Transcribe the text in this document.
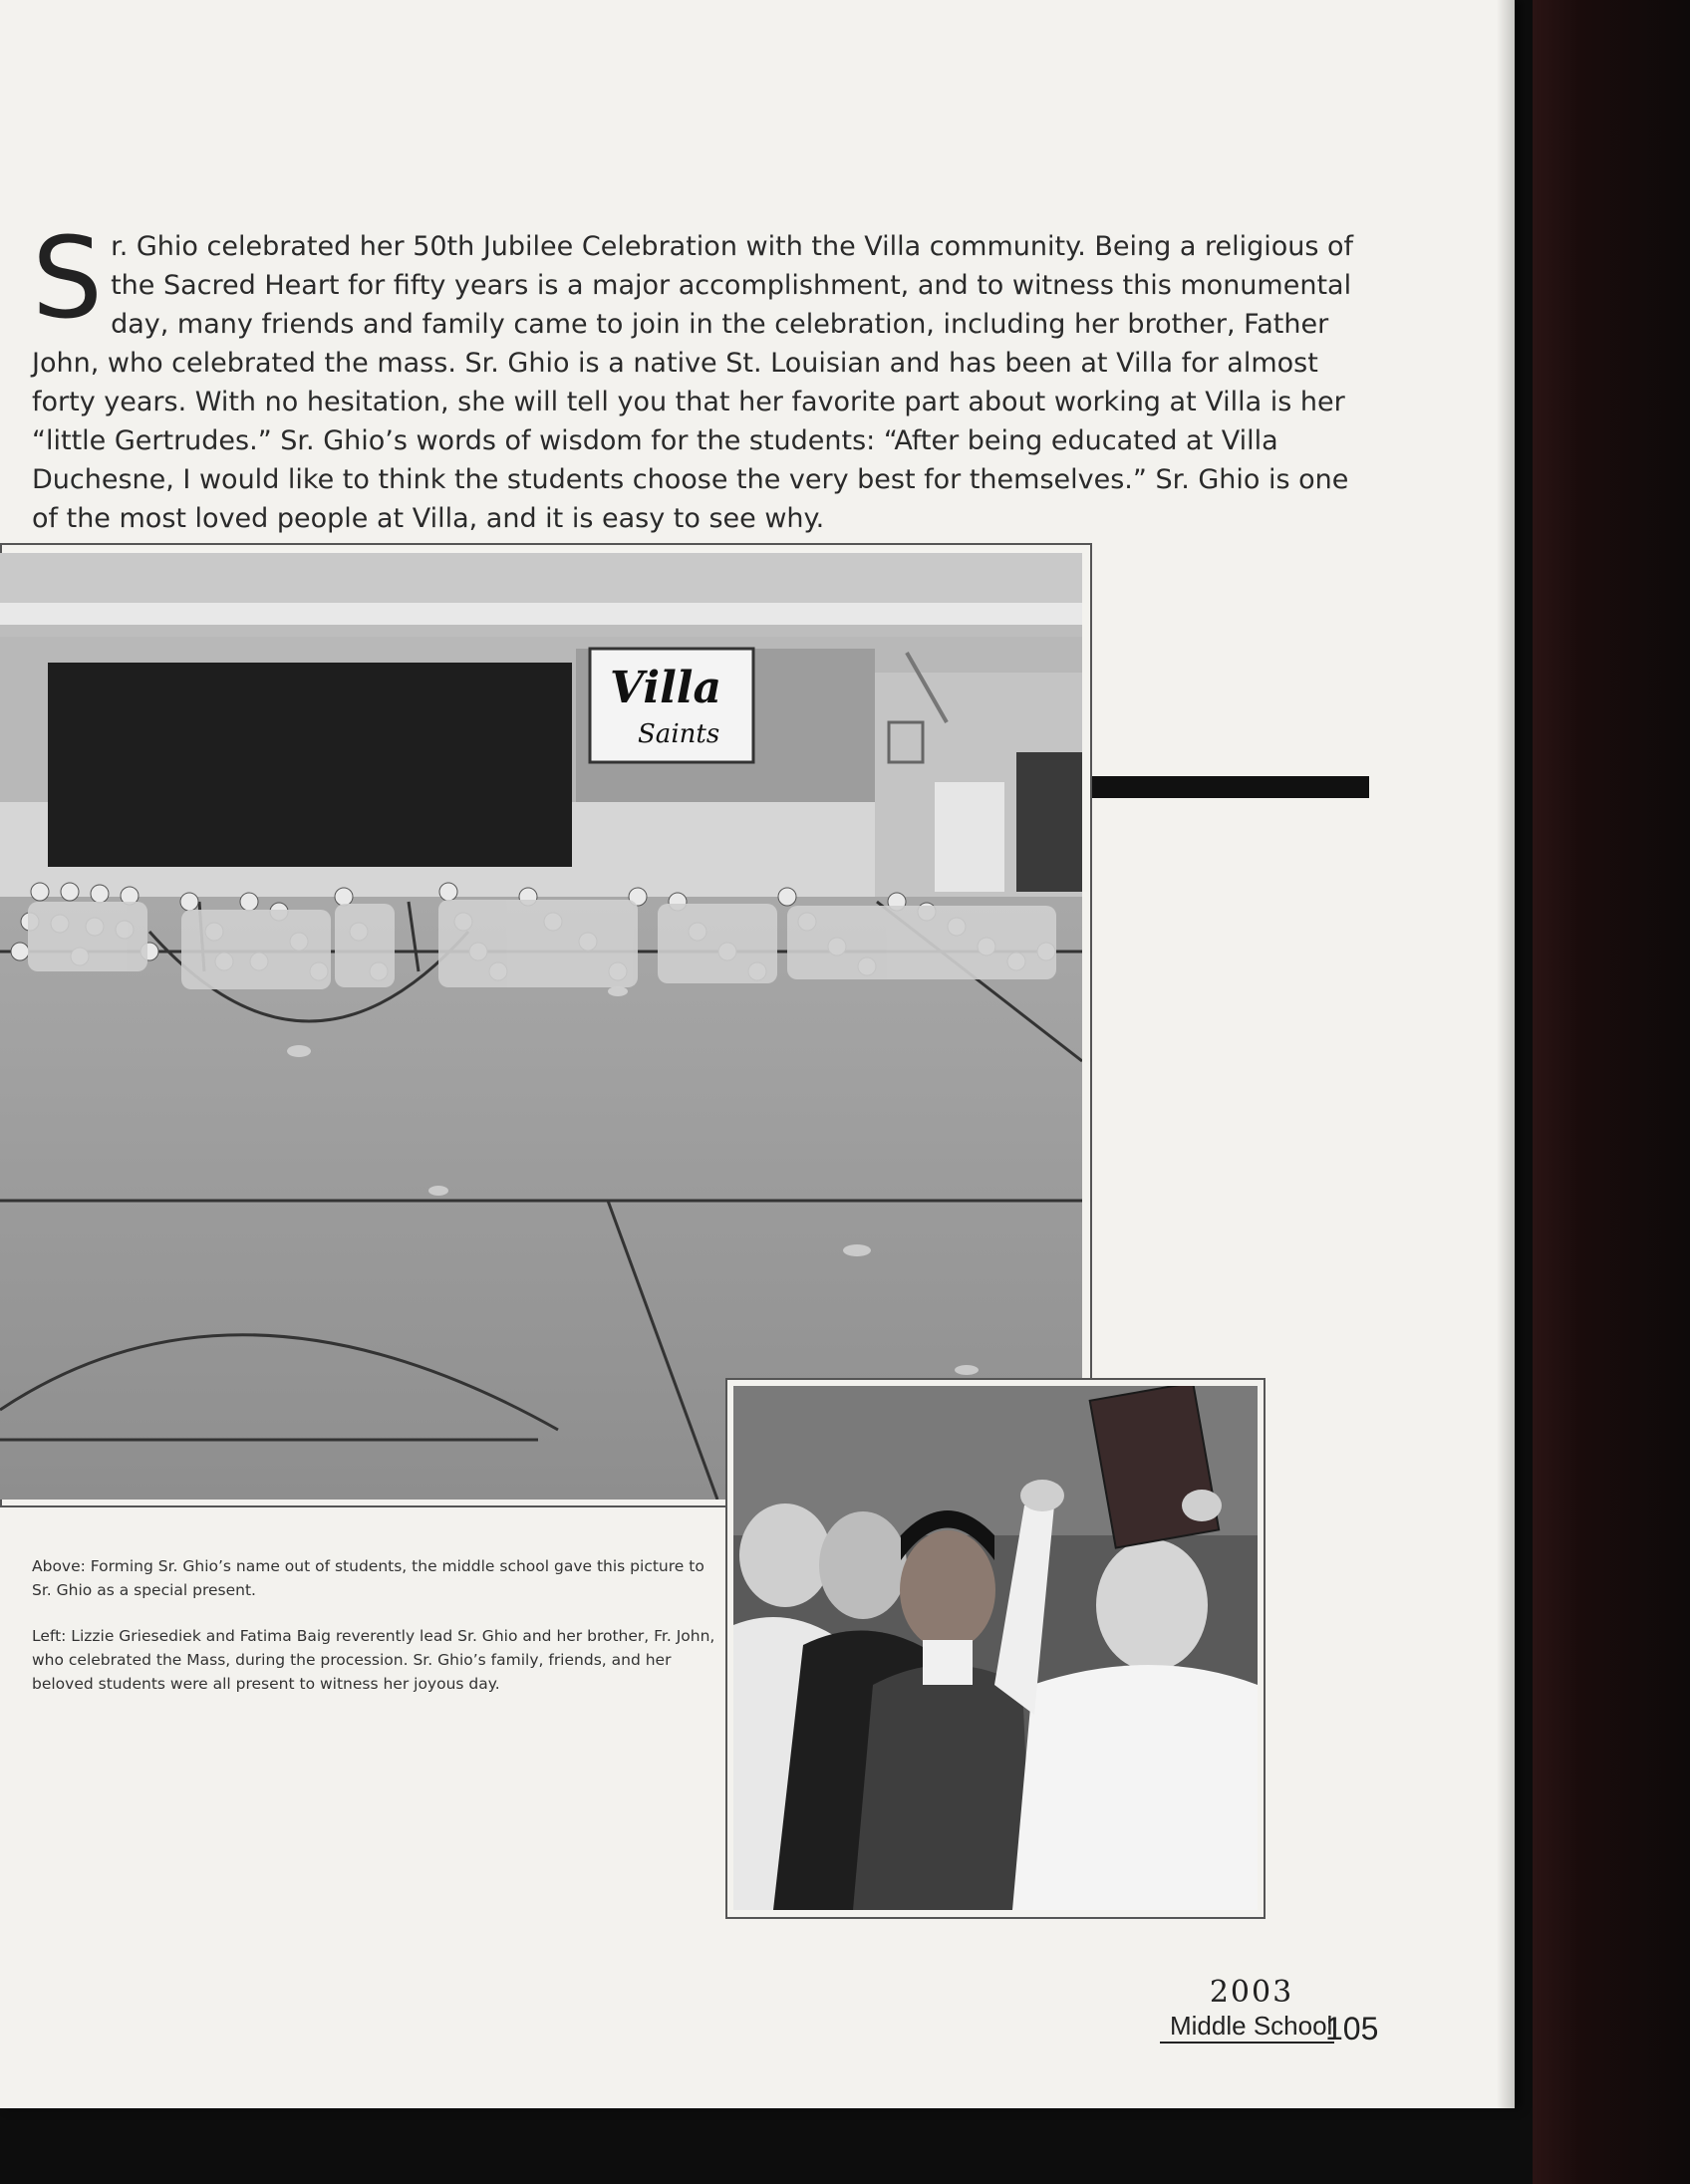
S r. Ghio celebrated her 50th Jubilee Celebration with the Villa community. Being a religious of the Sacred Heart for fifty years is a major accomplishment, and to witness this monumental day, many friends and family came to join in the celebration, including her brother, Father John, who celebrated the mass. Sr. Ghio is a native St. Louisian and has been at Villa for almost forty years. With no hesitation, she will tell you that her favorite part about working at Villa is her “little Gertrudes.” Sr. Ghio’s words of wisdom for the students: “After being educated at Villa Duchesne, I would like to think the students choose the very best for themselves.” Sr. Ghio is one of the most loved people at Villa, and it is easy to see why.
Villa
Saints

Above: Forming Sr. Ghio’s name out of students, the middle school gave this picture to Sr. Ghio as a special present.

Left: Lizzie Griesediek and Fatima Baig reverently lead Sr. Ghio and her brother, Fr. John, who celebrated the Mass, during the procession. Sr. Ghio’s family, friends, and her beloved students were all present to witness her joyous day.

2003
Middle School
105
